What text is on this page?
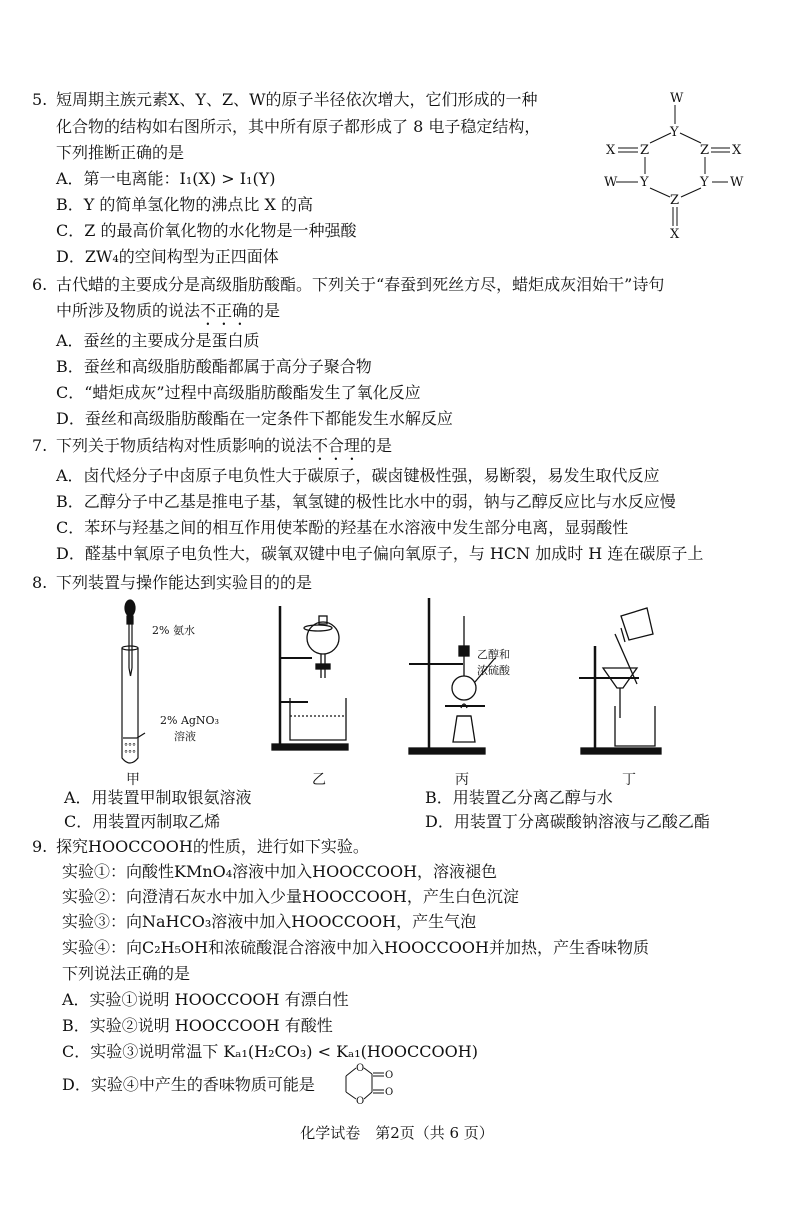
5. 短周期主族元素X、Y、Z、W的原子半径依次增大，它们形成的一种
化合物的结构如右图所示，其中所有原子都形成了 8 电子稳定结构，
下列推断正确的是
A．第一电离能：I₁(X) > I₁(Y)
B．Y 的简单氢化物的沸点比 X 的高
C．Z 的最高价氧化物的水化物是一种强酸
D．ZW₄的空间构型为正四面体
W
Y
Z	Z
X	X
Y	Y
W	W
Z
X
6. 古代蜡的主要成分是高级脂肪酸酯。下列关于“春蚕到死丝方尽，蜡炬成灰泪始干”诗句
中所涉及物质的说法不正确的是
A．蚕丝的主要成分是蛋白质
B．蚕丝和高级脂肪酸酯都属于高分子聚合物
C．“蜡炬成灰”过程中高级脂肪酸酯发生了氧化反应
D．蚕丝和高级脂肪酸酯在一定条件下都能发生水解反应
7. 下列关于物质结构对性质影响的说法不合理的是
A．卤代烃分子中卤原子电负性大于碳原子，碳卤键极性强，易断裂，易发生取代反应
B．乙醇分子中乙基是推电子基，氧氢键的极性比水中的弱，钠与乙醇反应比与水反应慢
C．苯环与羟基之间的相互作用使苯酚的羟基在水溶液中发生部分电离，显弱酸性
D．醛基中氧原子电负性大，碳氧双键中电子偏向氧原子，与 HCN 加成时 H 连在碳原子上
8. 下列装置与操作能达到实验目的的是
2% 氨水
2% AgNO₃
溶液
°°°
°°°
乙醇和
浓硫酸
甲	乙	丙	丁
A．用装置甲制取银氨溶液	B．用装置乙分离乙醇与水
C．用装置丙制取乙烯	D．用装置丁分离碳酸钠溶液与乙酸乙酯
9. 探究HOOCCOOH的性质，进行如下实验。
实验①：向酸性KMnO₄溶液中加入HOOCCOOH，溶液褪色
实验②：向澄清石灰水中加入少量HOOCCOOH，产生白色沉淀
实验③：向NaHCO₃溶液中加入HOOCCOOH，产生气泡
实验④：向C₂H₅OH和浓硫酸混合溶液中加入HOOCCOOH并加热，产生香味物质
下列说法正确的是
A．实验①说明 HOOCCOOH 有漂白性
B．实验②说明 HOOCCOOH 有酸性
C．实验③说明常温下 Kₐ₁(H₂CO₃) < Kₐ₁(HOOCCOOH)
D．实验④中产生的香味物质可能是
O
O
O
O
化学试卷　第2页（共 6 页）
